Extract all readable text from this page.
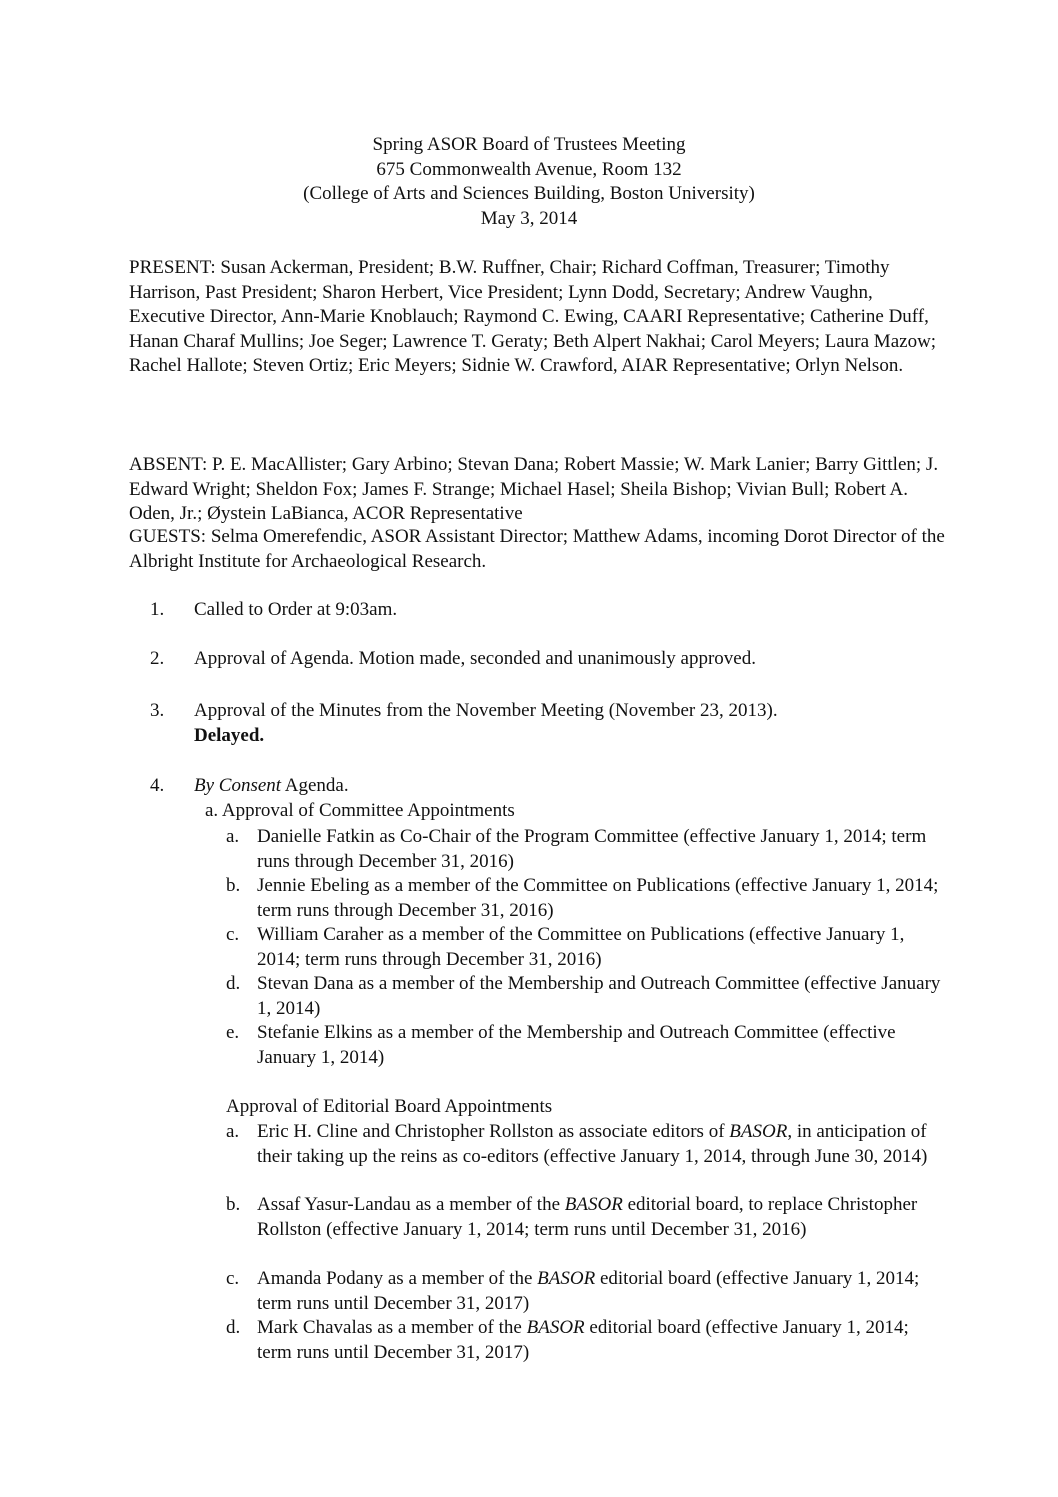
Spring ASOR Board of Trustees Meeting
675 Commonwealth Avenue, Room 132
(College of Arts and Sciences Building, Boston University)
May 3, 2014
PRESENT: Susan Ackerman, President; B.W. Ruffner, Chair; Richard Coffman, Treasurer; Timothy Harrison, Past President; Sharon Herbert, Vice President; Lynn Dodd, Secretary; Andrew Vaughn, Executive Director, Ann-Marie Knoblauch; Raymond C. Ewing, CAARI Representative; Catherine Duff, Hanan Charaf Mullins; Joe Seger; Lawrence T. Geraty; Beth Alpert Nakhai; Carol Meyers; Laura Mazow; Rachel Hallote; Steven Ortiz; Eric Meyers; Sidnie W. Crawford, AIAR Representative; Orlyn Nelson.
ABSENT: P. E. MacAllister; Gary Arbino; Stevan Dana; Robert Massie; W. Mark Lanier; Barry Gittlen; J. Edward Wright; Sheldon Fox; James F. Strange; Michael Hasel; Sheila Bishop; Vivian Bull; Robert A. Oden, Jr.; Øystein LaBianca, ACOR Representative
GUESTS: Selma Omerefendic, ASOR Assistant Director; Matthew Adams, incoming Dorot Director of the Albright Institute for Archaeological Research.
1.	Called to Order at 9:03am.
2.	Approval of Agenda. Motion made, seconded and unanimously approved.
3.	Approval of the Minutes from the November Meeting (November 23, 2013).
Delayed.
4.	By Consent Agenda.
a. Approval of Committee Appointments
a. Danielle Fatkin as Co-Chair of the Program Committee (effective January 1, 2014; term runs through December 31, 2016)
b. Jennie Ebeling as a member of the Committee on Publications (effective January 1, 2014; term runs through December 31, 2016)
c. William Caraher as a member of the Committee on Publications (effective January 1, 2014; term runs through December 31, 2016)
d. Stevan Dana as a member of the Membership and Outreach Committee (effective January 1, 2014)
e. Stefanie Elkins as a member of the Membership and Outreach Committee (effective January 1, 2014)
Approval of Editorial Board Appointments
a. Eric H. Cline and Christopher Rollston as associate editors of BASOR, in anticipation of their taking up the reins as co-editors (effective January 1, 2014, through June 30, 2014)
b. Assaf Yasur-Landau as a member of the BASOR editorial board, to replace Christopher Rollston (effective January 1, 2014; term runs until December 31, 2016)
c. Amanda Podany as a member of the BASOR editorial board (effective January 1, 2014; term runs until December 31, 2017)
d. Mark Chavalas as a member of the BASOR editorial board (effective January 1, 2014; term runs until December 31, 2017)
